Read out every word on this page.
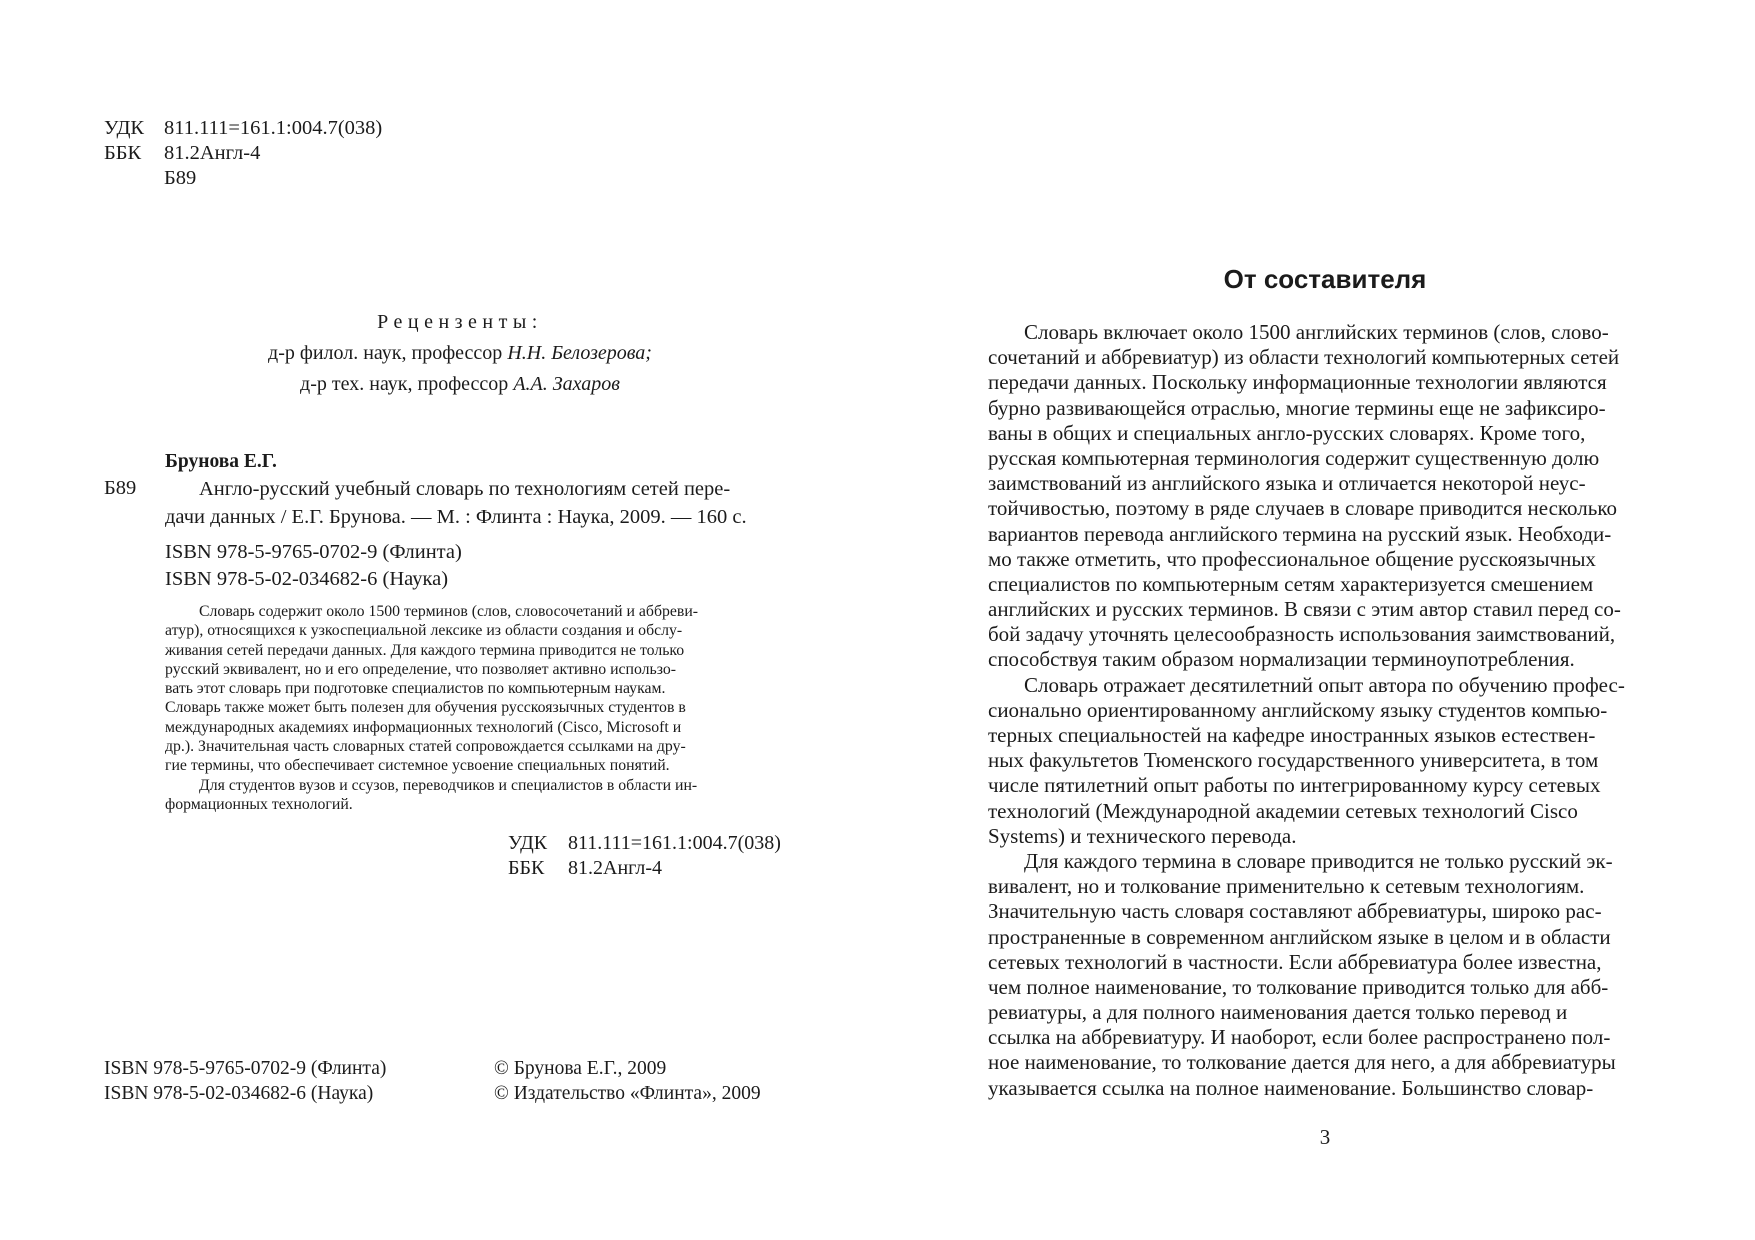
УДК 811.111=161.1:004.7(038)
ББК 81.2Англ-4
Б89
Рецензенты:
д-р филол. наук, профессор Н.Н. Белозерова;
д-р тех. наук, профессор А.А. Захаров
Брунова Е.Г.
Б89	Англо-русский учебный словарь по технологиям сетей пере-
дачи данных / Е.Г. Брунова. — М. : Флинта : Наука, 2009. — 160 с.
ISBN 978-5-9765-0702-9 (Флинта)
ISBN 978-5-02-034682-6 (Наука)
Словарь содержит около 1500 терминов (слов, словосочетаний и аббреви-
атур), относящихся к узкоспециальной лексике из области создания и обслу-
живания сетей передачи данных. Для каждого термина приводится не только
русский эквивалент, но и его определение, что позволяет активно использо-
вать этот словарь при подготовке специалистов по компьютерным наукам.
Словарь также может быть полезен для обучения русскоязычных студентов в
международных академиях информационных технологий (Cisco, Microsoft и
др.). Значительная часть словарных статей сопровождается ссылками на дру-
гие термины, что обеспечивает системное усвоение специальных понятий.
Для студентов вузов и ссузов, переводчиков и специалистов в области ин-
формационных технологий.
УДК 811.111=161.1:004.7(038)
ББК 81.2Англ-4
ISBN 978-5-9765-0702-9 (Флинта)
ISBN 978-5-02-034682-6 (Наука)
© Брунова Е.Г., 2009
© Издательство «Флинта», 2009
От составителя
Словарь включает около 1500 английских терминов (слов, слово-
сочетаний и аббревиатур) из области технологий компьютерных сетей
передачи данных. Поскольку информационные технологии являются
бурно развивающейся отраслью, многие термины еще не зафиксиро-
ваны в общих и специальных англо-русских словарях. Кроме того,
русская компьютерная терминология содержит существенную долю
заимствований из английского языка и отличается некоторой неус-
тойчивостью, поэтому в ряде случаев в словаре приводится несколько
вариантов перевода английского термина на русский язык. Необходи-
мо также отметить, что профессиональное общение русскоязычных
специалистов по компьютерным сетям характеризуется смешением
английских и русских терминов. В связи с этим автор ставил перед со-
бой задачу уточнять целесообразность использования заимствований,
способствуя таким образом нормализации терминоупотребления.
Словарь отражает десятилетний опыт автора по обучению профес-
сионально ориентированному английскому языку студентов компью-
терных специальностей на кафедре иностранных языков естествен-
ных факультетов Тюменского государственного университета, в том
числе пятилетний опыт работы по интегрированному курсу сетевых
технологий (Международной академии сетевых технологий Cisco
Systems) и технического перевода.
Для каждого термина в словаре приводится не только русский эк-
вивалент, но и толкование применительно к сетевым технологиям.
Значительную часть словаря составляют аббревиатуры, широко рас-
пространенные в современном английском языке в целом и в области
сетевых технологий в частности. Если аббревиатура более известна,
чем полное наименование, то толкование приводится только для абб-
ревиатуры, а для полного наименования дается только перевод и
ссылка на аббревиатуру. И наоборот, если более распространено пол-
ное наименование, то толкование дается для него, а для аббревиатуры
указывается ссылка на полное наименование. Большинство словар-
3
